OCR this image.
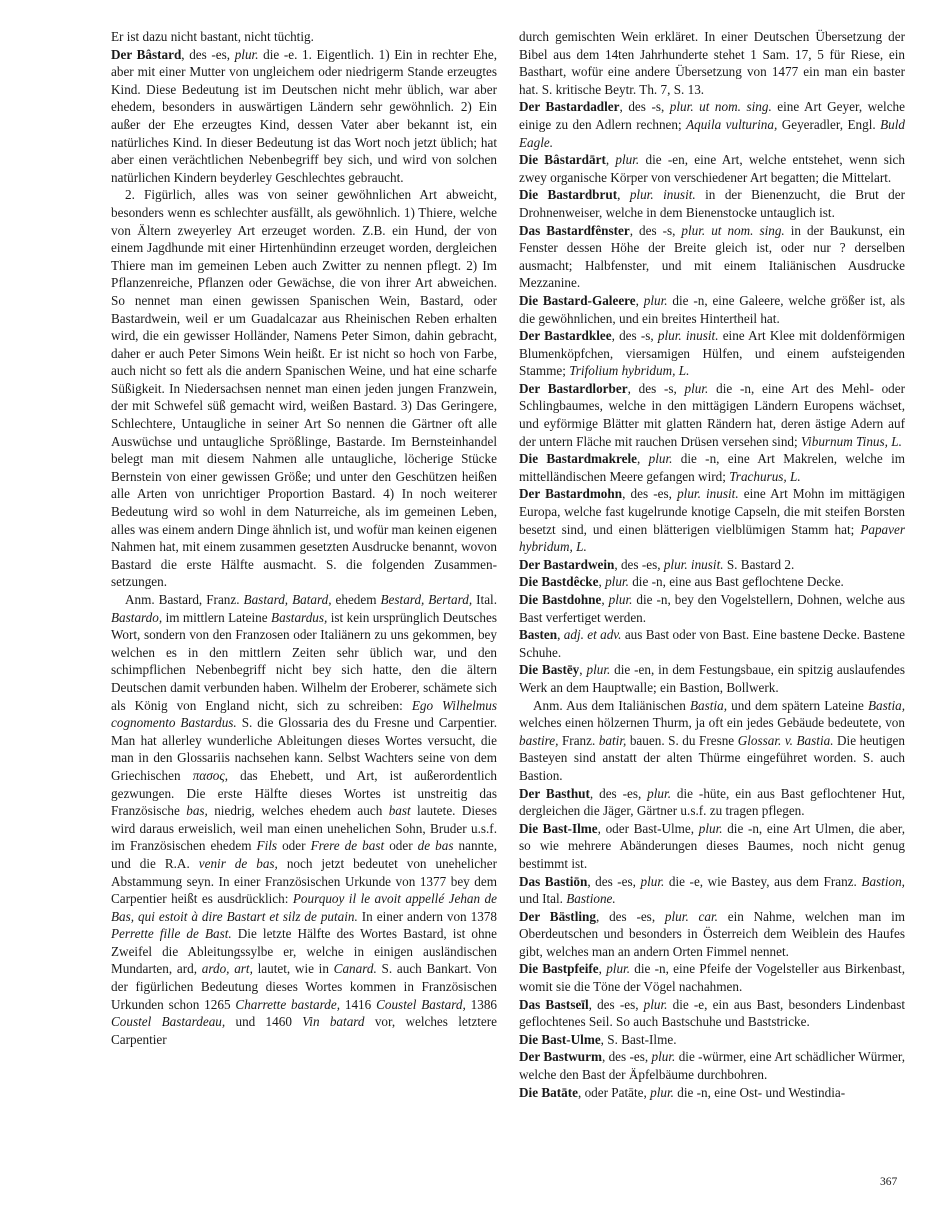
Er ist dazu nicht bastant, nicht tüchtig.

Der Bâstard, des -es, plur. die -e. 1. Eigentlich. 1) Ein in rechter Ehe, aber mit einer Mutter von ungleichem oder niedrigerm Stande erzeugtes Kind. Diese Bedeutung ist im Deutschen nicht mehr üblich, war aber ehedem, besonders in auswärtigen Ländern sehr gewöhnlich. 2) Ein außer der Ehe erzeugtes Kind, dessen Vater aber bekannt ist, ein natürliches Kind. In dieser Bedeutung ist das Wort noch jetzt üblich; hat aber einen verächtlichen Nebenbegriff bey sich, und wird von solchen natürlichen Kindern beyderley Geschlechtes gebraucht.

2. Figürlich, alles was von seiner gewöhnlichen Art abweicht, besonders wenn es schlechter ausfällt, als gewöhnlich. 1) Thiere, welche von Ältern zweyerley Art erzeuget worden. Z.B. ein Hund, der von einem Jagdhunde mit einer Hirtenhündinn erzeuget worden, dergleichen Thiere man im gemeinen Leben auch Zwitter zu nennen pflegt. 2) Im Pflanzenreiche, Pflanzen oder Gewächse, die von ihrer Art abweichen. So nennet man einen gewissen Spanischen Wein, Bastard, oder Bastardwein, weil er um Guadalcazar aus Rheinischen Reben erhalten wird, die ein gewisser Holländer, Namens Peter Simon, dahin gebracht, daher er auch Peter Simons Wein heißt. Er ist nicht so hoch von Farbe, auch nicht so fett als die andern Spanischen Weine, und hat eine scharfe Süßigkeit. In Niedersachsen nennet man einen jeden jungen Franzwein, der mit Schwefel süß gemacht wird, weißen Bastard. 3) Das Geringere, Schlechtere, Untaugliche in seiner Art So nennen die Gärtner oft alle Auswüchse und untaugliche Sprößlinge, Bastarde. Im Bernsteinhandel belegt man mit diesem Nahmen alle untaugliche, löcherige Stücke Bernstein von einer gewissen Größe; und unter den Geschützen heißen alle Arten von unrichtiger Proportion Bastard. 4) In noch weiterer Bedeutung wird so wohl in dem Naturreiche, als im gemeinen Leben, alles was einem andern Dinge ähnlich ist, und wofür man keinen eigenen Nahmen hat, mit einem zusammen gesetzten Ausdrucke benannt, wovon Bastard die erste Hälfte ausmacht. S. die folgenden Zusammensetzungen.

Anm. Bastard, Franz. Bastard, Batard, ehedem Bestard, Bertard, Ital. Bastardo, im mittlern Lateine Bastardus, ist kein ursprünglich Deutsches Wort, sondern von den Franzosen oder Italiänern zu uns gekommen, bey welchen es in den mittlern Zeiten sehr üblich war, und den schimpflichen Nebenbegriff nicht bey sich hatte, den die ältern Deutschen damit verbunden haben. Wilhelm der Eroberer, schämete sich als König von England nicht, sich zu schreiben: Ego Wilhelmus cognomento Bastardus. S. die Glossaria des du Fresne und Carpentier. Man hat allerley wunderliche Ableitungen dieses Wortes versucht, die man in den Glossariis nachsehen kann. Selbst Wachters seine von dem Griechischen πασος, das Ehebett, und Art, ist außerordentlich gezwungen. Die erste Hälfte dieses Wortes ist unstreitig das Französische bas, niedrig, welches ehedem auch bast lautete. Dieses wird daraus erweislich, weil man einen unehelichen Sohn, Bruder u.s.f. im Französischen ehedem Fils oder Frere de bast oder de bas nannte, und die R.A. venir de bas, noch jetzt bedeutet von unehelicher Abstammung seyn. In einer Französischen Urkunde von 1377 bey dem Carpentier heißt es ausdrücklich: Pourquoy il le avoit appellé Jehan de Bas, qui estoit à dire Bastart et silz de putain. In einer andern von 1378 Perrette fille de Bast. Die letzte Hälfte des Wortes Bastard, ist ohne Zweifel die Ableitungssylbe er, welche in einigen ausländischen Mundarten, ard, ardo, art, lautet, wie in Canard. S. auch Bankart. Von der figürlichen Bedeutung dieses Wortes kommen in Französischen Urkunden schon 1265 Charrette bastarde, 1416 Coustel Bastard, 1386 Coustel Bastardeau, und 1460 Vin batard vor, welches letztere Carpentier

durch gemischten Wein erkläret. In einer Deutschen Übersetzung der Bibel aus dem 14ten Jahrhunderte stehet 1 Sam. 17, 5 für Riese, ein Basthart, wofür eine andere Übersetzung von 1477 ein man ein baster hat. S. kritische Beytr. Th. 7, S. 13.

Der Bastardadler, des -s, plur. ut nom. sing. eine Art Geyer, welche einige zu den Adlern rechnen; Aquila vulturina, Geyeradler, Engl. Buld Eagle.

Die Bâstardārt, plur. die -en, eine Art, welche entstehet, wenn sich zwey organische Körper von verschiedener Art begatten; die Mittelart.

Die Bastardbrut, plur. inusit. in der Bienenzucht, die Brut der Drohnenweiser, welche in dem Bienenstocke untauglich ist.

Das Bastardfênster, des -s, plur. ut nom. sing. in der Baukunst, ein Fenster dessen Höhe der Breite gleich ist, oder nur ? derselben ausmacht; Halbfenster, und mit einem Italiänischen Ausdrucke Mezzanine.

Die Bastard-Galeere, plur. die -n, eine Galeere, welche größer ist, als die gewöhnlichen, und ein breites Hintertheil hat.

Der Bastardklee, des -s, plur. inusit. eine Art Klee mit doldenförmigen Blumenköpfchen, viersamigen Hülfen, und einem aufsteigenden Stamme; Trifolium hybridum, L.

Der Bastardlorber, des -s, plur. die -n, eine Art des Mehl- oder Schlingbaumes, welche in den mittägigen Ländern Europens wächset, und eyförmige Blätter mit glatten Rändern hat, deren ästige Adern auf der untern Fläche mit rauchen Drüsen versehen sind; Viburnum Tinus, L.

Die Bastardmakrele, plur. die -n, eine Art Makrelen, welche im mittelländischen Meere gefangen wird; Trachurus, L.

Der Bastardmohn, des -es, plur. inusit. eine Art Mohn im mittägigen Europa, welche fast kugelrunde knotige Capseln, die mit steifen Borsten besetzt sind, und einen blätterigen vielblümigen Stamm hat; Papaver hybridum, L.

Der Bastardwein, des -es, plur. inusit. S. Bastard 2.

Die Bastdêcke, plur. die -n, eine aus Bast geflochtene Decke.

Die Bastdohne, plur. die -n, bey den Vogelstellern, Dohnen, welche aus Bast verfertiget werden.

Basten, adj. et adv. aus Bast oder von Bast. Eine bastene Decke. Bastene Schuhe.

Die Bastēy, plur. die -en, in dem Festungsbaue, ein spitzig auslaufendes Werk an dem Hauptwalle; ein Bastion, Bollwerk.

Anm. Aus dem Italiänischen Bastia, und dem spätern Lateine Bastia, welches einen hölzernen Thurm, ja oft ein jedes Gebäude bedeutete, von bastire, Franz. batir, bauen. S. du Fresne Glossar. v. Bastia. Die heutigen Basteyen sind anstatt der alten Thürme eingeführet worden. S. auch Bastion.

Der Basthut, des -es, plur. die -hüte, ein aus Bast geflochtener Hut, dergleichen die Jäger, Gärtner u.s.f. zu tragen pflegen.

Die Bast-Ilme, oder Bast-Ulme, plur. die -n, eine Art Ulmen, die aber, so wie mehrere Abänderungen dieses Baumes, noch nicht genug bestimmt ist.

Das Bastiōn, des -es, plur. die -e, wie Bastey, aus dem Franz. Bastion, und Ital. Bastione.

Der Bästling, des -es, plur. car. ein Nahme, welchen man im Oberdeutschen und besonders in Österreich dem Weiblein des Haufes gibt, welches man an andern Orten Fimmel nennet.

Die Bastpfeife, plur. die -n, eine Pfeife der Vogelsteller aus Birkenbast, womit sie die Töne der Vögel nachahmen.

Das Bastseīl, des -es, plur. die -e, ein aus Bast, besonders Lindenbast geflochtenes Seil. So auch Bastschuhe und Baststricke.

Die Bast-Ulme, S. Bast-Ilme.

Der Bastwurm, des -es, plur. die -würmer, eine Art schädlicher Würmer, welche den Bast der Äpfelbäume durchbohren.

Die Batāte, oder Patāte, plur. die -n, eine Ost- und Westindia-

367
